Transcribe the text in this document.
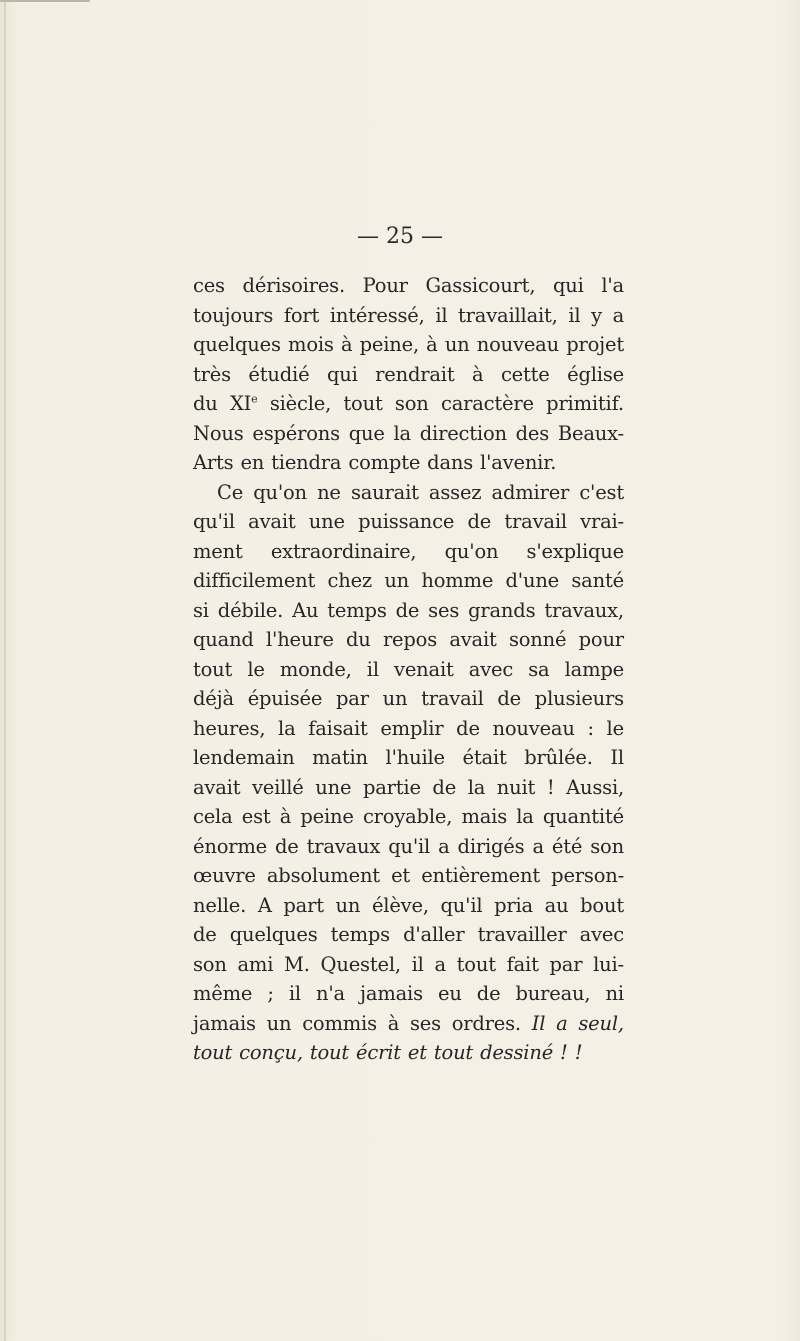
— 25 —
ces dérisoires. Pour Gassicourt, qui l'a
toujours fort intéressé, il travaillait, il y a
quelques mois à peine, à un nouveau projet
très étudié qui rendrait à cette église
du XIe siècle, tout son caractère primitif.
Nous espérons que la direction des Beaux-
Arts en tiendra compte dans l'avenir.
Ce qu'on ne saurait assez admirer c'est
qu'il avait une puissance de travail vrai-
ment extraordinaire, qu'on s'explique
difficilement chez un homme d'une santé
si débile. Au temps de ses grands travaux,
quand l'heure du repos avait sonné pour
tout le monde, il venait avec sa lampe
déjà épuisée par un travail de plusieurs
heures, la faisait emplir de nouveau : le
lendemain matin l'huile était brûlée. Il
avait veillé une partie de la nuit ! Aussi,
cela est à peine croyable, mais la quantité
énorme de travaux qu'il a dirigés a été son
œuvre absolument et entièrement person-
nelle. A part un élève, qu'il pria au bout
de quelques temps d'aller travailler avec
son ami M. Questel, il a tout fait par lui-
même ; il n'a jamais eu de bureau, ni
jamais un commis à ses ordres. Il a seul,
tout conçu, tout écrit et tout dessiné ! !
